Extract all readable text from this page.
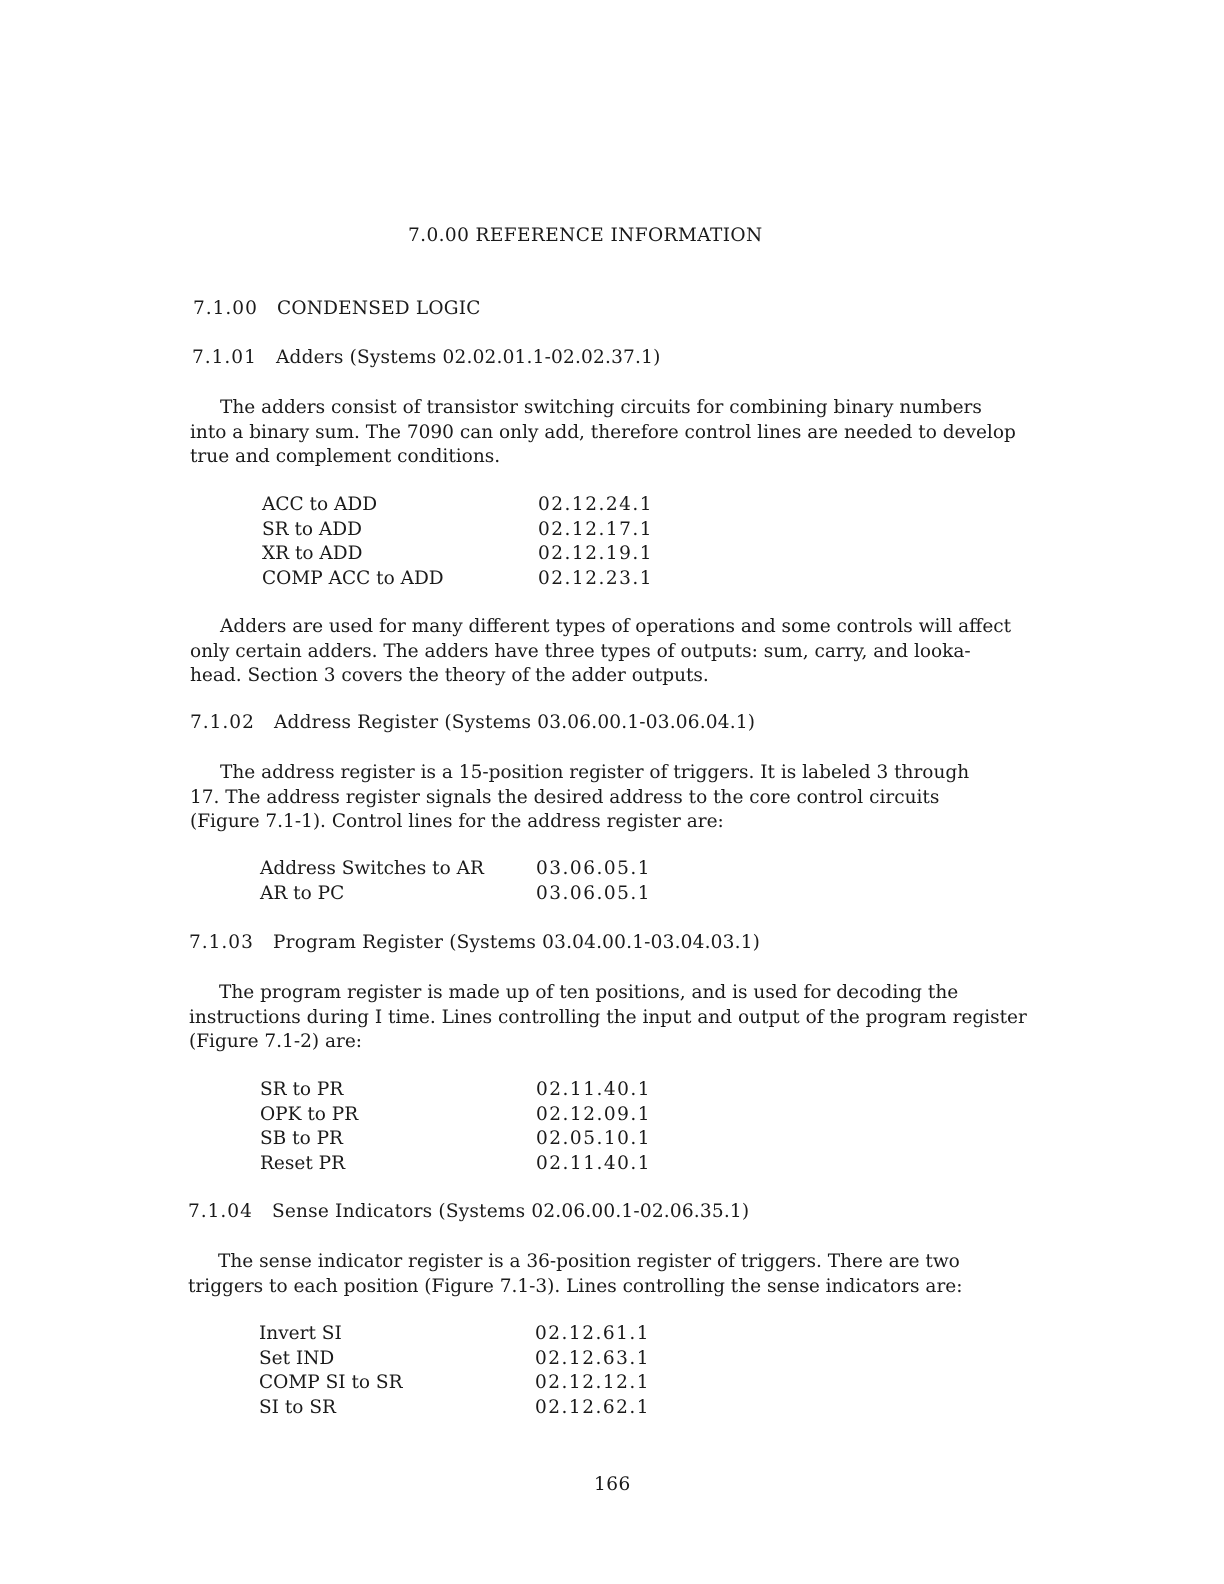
7.0.00 REFERENCE INFORMATION
7.1.00 CONDENSED LOGIC
7.1.01 Adders (Systems 02.02.01.1-02.02.37.1)
The adders consist of transistor switching circuits for combining binary numbers
into a binary sum. The 7090 can only add, therefore control lines are needed to develop
true and complement conditions.
ACC to ADD	02.12.24.1
SR to ADD	02.12.17.1
XR to ADD	02.12.19.1
COMP ACC to ADD	02.12.23.1
Adders are used for many different types of operations and some controls will affect
only certain adders. The adders have three types of outputs: sum, carry, and looka-
head. Section 3 covers the theory of the adder outputs.
7.1.02 Address Register (Systems 03.06.00.1-03.06.04.1)
The address register is a 15-position register of triggers. It is labeled 3 through
17. The address register signals the desired address to the core control circuits
(Figure 7.1-1). Control lines for the address register are:
Address Switches to AR	03.06.05.1
AR to PC	03.06.05.1
7.1.03 Program Register (Systems 03.04.00.1-03.04.03.1)
The program register is made up of ten positions, and is used for decoding the
instructions during I time. Lines controlling the input and output of the program register
(Figure 7.1-2) are:
SR to PR	02.11.40.1
OPK to PR	02.12.09.1
SB to PR	02.05.10.1
Reset PR	02.11.40.1
7.1.04 Sense Indicators (Systems 02.06.00.1-02.06.35.1)
The sense indicator register is a 36-position register of triggers. There are two
triggers to each position (Figure 7.1-3). Lines controlling the sense indicators are:
Invert SI	02.12.61.1
Set IND	02.12.63.1
COMP SI to SR	02.12.12.1
SI to SR	02.12.62.1
166
